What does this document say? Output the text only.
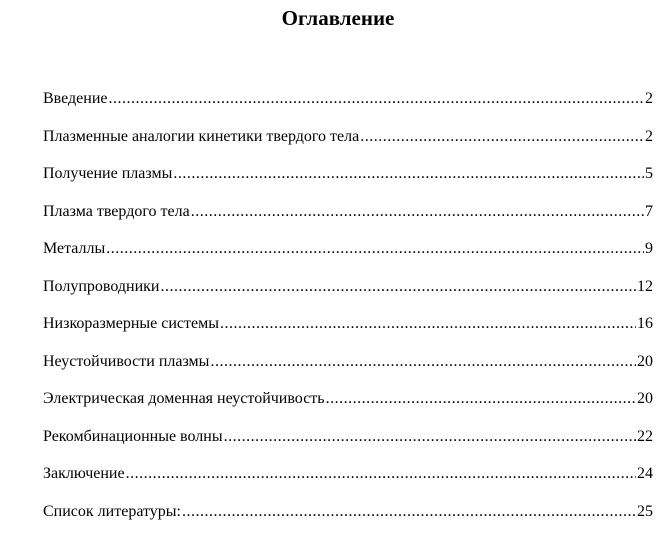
Оглавление
Введение .....	2
Плазменные аналогии кинетики твердого тела .....	2
Получение плазмы .....	5
Плазма твердого тела .....	7
Металлы .....	9
Полупроводники .....	12
Низкоразмерные системы .....	16
Неустойчивости плазмы .....	20
Электрическая доменная неустойчивость .....	20
Рекомбинационные волны .....	22
Заключение .....	24
Список литературы: .....	25
